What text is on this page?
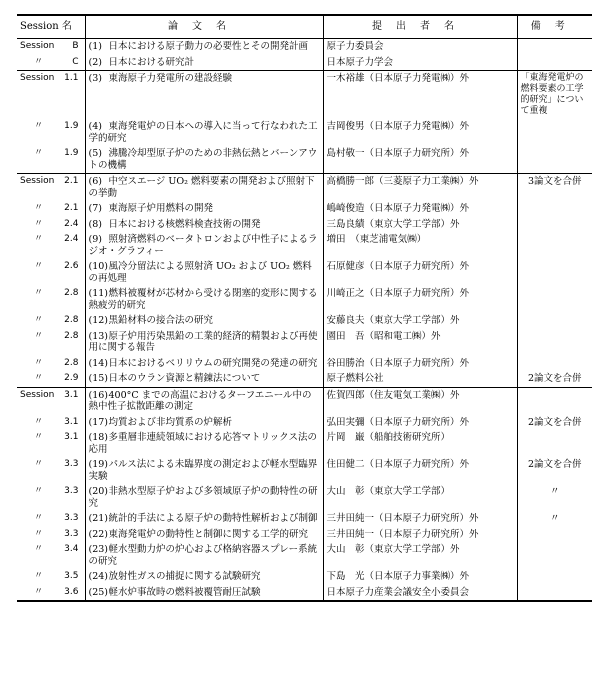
Session 名	論文名	提出者名	備考

Session B	(1) 日本における原子動力の必要性とその開発計画	原子力委員会	

〃 C	(2) 日本における研究計	日本原子力学会	

Session 1.1	(3) 東海原子力発電所の建設経験	一木裕雄（日本原子力発電㈱）外	「東海発電炉の燃料要素の工学的研究」について重複

〃 1.9	(4) 東海発電炉の日本への導入に当って行なわれた工学的研究	吉岡俊男（日本原子力発電㈱）外	

〃 1.9	(5) 沸騰冷却型原子炉のための非熱伝熱とバーンアウトの機構	島村敬一（日本原子力研究所）外	

Session 2.1	(6) 中空スエージ UO₂ 燃料要素の開発および照射下の挙動	高橋勝一郎（三菱原子力工業㈱）外	3論文を合併

〃 2.1	(7) 東海原子炉用燃料の開発	嶋崎俊造（日本原子力発電㈱）外	

〃 2.4	(8) 日本における核燃料検査技術の開発	三島良績（東京大学工学部）外	

〃 2.4	(9) 照射済燃料のベータトロンおよび中性子によるラジオ・グラフィー	増田　（東芝浦電気㈱）	

〃 2.6	(10)風冷分留法による照射済 UO₂ および UO₂ 燃料の再処理	石原健彦（日本原子力研究所）外	

〃 2.8	(11)燃料被覆材が芯材から受ける閉塞的変形に関する熱疲労的研究	川崎正之（日本原子力研究所）外	

〃 2.8	(12)黒鉛材料の接合法の研究	安藤良夫（東京大学工学部）外	

〃 2.8	(13)原子炉用汚染黒鉛の工業的経済的精製および再使用に関する報告	園田　吾（昭和電工㈱）外	

〃 2.8	(14)日本におけるベリリウムの研究開発の発達の研究	谷田勝治（日本原子力研究所）外	

〃 2.9	(15)日本のウラン資源と精錬法について	原子燃料公社	2論文を合併

Session 3.1	(16)400°C までの高温におけるターフエニール中の熱中性子拡散距離の測定	佐賀四郎（住友電気工業㈱）外	

〃 3.1	(17)均質および非均質系の炉解析	弘田実彌（日本原子力研究所）外	2論文を合併

〃 3.1	(18)多重層非連続領域における応答マトリックス法の応用	片岡　巌（船舶技術研究所）	

〃 3.3	(19)パルス法による未臨界度の測定および軽水型臨界実験	住田健二（日本原子力研究所）外	2論文を合併

〃 3.3	(20)非熱水型原子炉および多領域原子炉の動特性の研究	大山　彰（東京大学工学部）	〃

〃 3.3	(21)統計的手法による原子炉の動特性解析および制御	三井田純一（日本原子力研究所）外	〃

〃 3.3	(22)東海発電炉の動特性と制御に関する工学的研究	三井田純一（日本原子力研究所）外	

〃 3.4	(23)軽水型動力炉の炉心および格納容器スプレー系統の研究	大山　彰（東京大学工学部）外	

〃 3.5	(24)放射性ガスの捕捉に関する試験研究	下島　光（日本原子力事業㈱）外	

〃 3.6	(25)軽水炉事故時の燃料被覆管耐圧試験	日本原子力産業会議安全小委員会	
